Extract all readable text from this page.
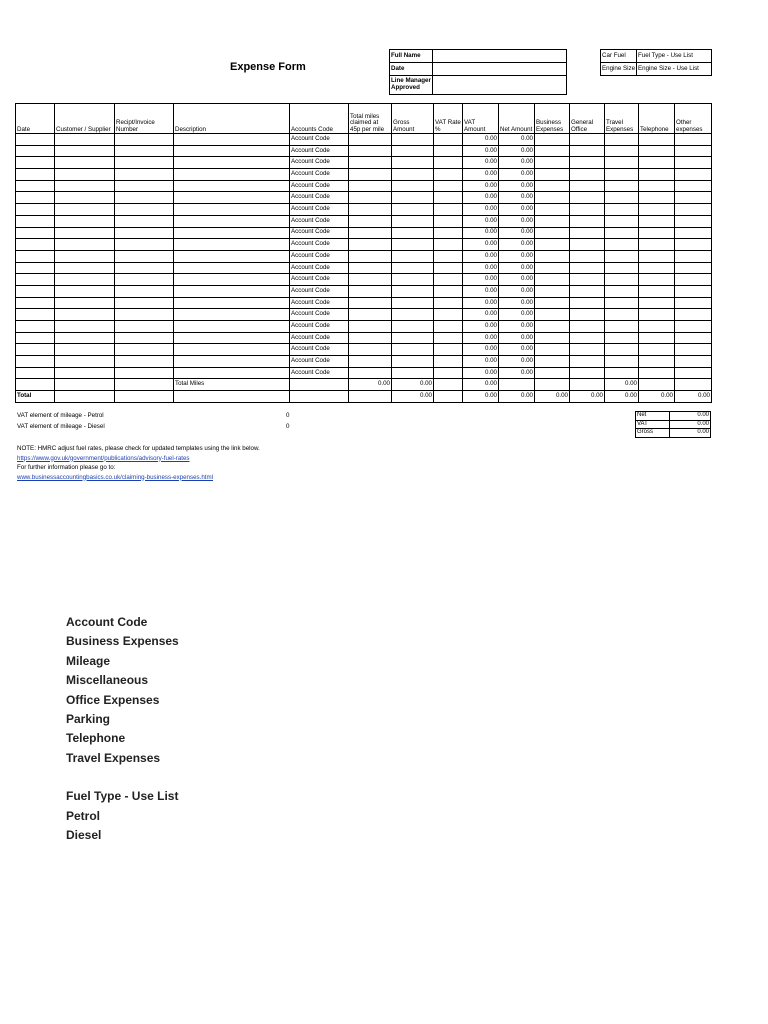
Expense Form
Full Name	
Date	
Line Manager Approved	
Car Fuel	Fuel Type - Use List
Engine Size	Engine Size - Use List
Date	Customer / Supplier	Recipt/Invoice Number	Description	Accounts Code	Total miles claimed at 45p per mile	Gross Amount	VAT Rate %	VAT Amount	Net Amount	Business Expenses	General Office	Travel Expenses	Telephone	Other expenses
				Account Code				0.00	0.00					
				Account Code				0.00	0.00					
				Account Code				0.00	0.00					
				Account Code				0.00	0.00					
				Account Code				0.00	0.00					
				Account Code				0.00	0.00					
				Account Code				0.00	0.00					
				Account Code				0.00	0.00					
				Account Code				0.00	0.00					
				Account Code				0.00	0.00					
				Account Code				0.00	0.00					
				Account Code				0.00	0.00					
				Account Code				0.00	0.00					
				Account Code				0.00	0.00					
				Account Code				0.00	0.00					
				Account Code				0.00	0.00					
				Account Code				0.00	0.00					
				Account Code				0.00	0.00					
				Account Code				0.00	0.00					
				Account Code				0.00	0.00					
				Account Code				0.00	0.00					
			Total Miles		0.00	0.00		0.00				0.00		
Total						0.00		0.00	0.00	0.00	0.00	0.00	0.00	0.00
VAT element of mileage - Petrol	0
VAT element of mileage - Diesel	0
Net	0.00
VAT	0.00
Gross	0.00
NOTE: HMRC adjust fuel rates, please check for updated templates using the link below.
https://www.gov.uk/government/publications/advisory-fuel-rates
For further information please go to:
www.businessaccountingbasics.co.uk/claiming-business-expenses.html
Account Code
Business Expenses
Mileage
Miscellaneous
Office Expenses
Parking
Telephone
Travel Expenses
Fuel Type - Use List
Petrol
Diesel
